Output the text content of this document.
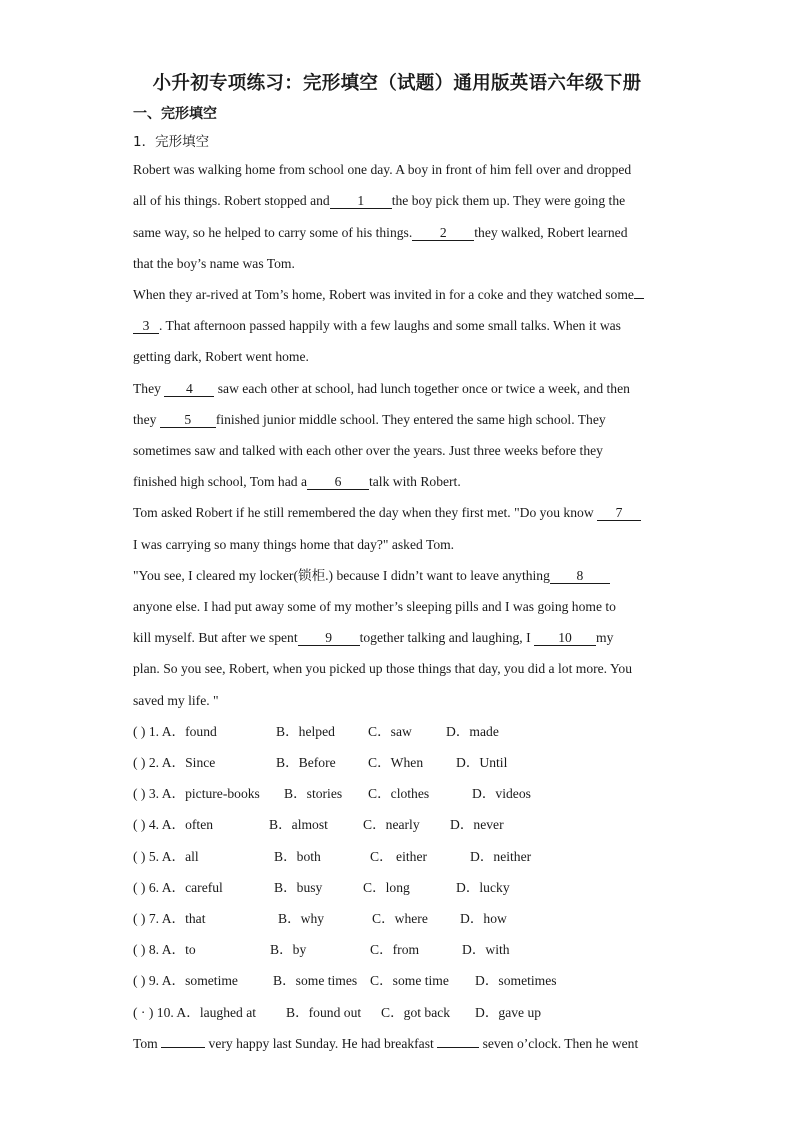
小升初专项练习：完形填空（试题）通用版英语六年级下册
一、完形填空
1．完形填空
Robert was walking home from school one day. A boy in front of him fell over and dropped
all of his things. Robert stopped and 1 the boy pick them up. They were going the
same way, so he helped to carry some of his things. 2 they walked, Robert learned
that the boy’s name was Tom.
When they ar-rived at Tom’s home, Robert was invited in for a coke and they watched some
3 . That afternoon passed happily with a few laughs and some small talks. When it was
getting dark, Robert went home.
They 4 saw each other at school, had lunch together once or twice a week, and then
they 5 finished junior middle school. They entered the same high school. They
sometimes saw and talked with each other over the years. Just three weeks before they
finished high school, Tom had a 6 talk with Robert.
Tom asked Robert if he still remembered the day when they first met. "Do you know 7
I was carrying so many things home that day?" asked Tom.
"You see, I cleared my locker(锁柜.) because I didn’t want to leave anything 8
anyone else. I had put away some of my mother’s sleeping pills and I was going home to
kill myself. But after we spent 9 together talking and laughing, I 10 my
plan. So you see, Robert, when you picked up those things that day, you did a lot more. You
saved my life. "
( ) 1. A．found	B．helped C．saw	D．made
( ) 2. A．Since	B．Before C．When D．Until
( ) 3. A．picture-books B．stories C．clothes	D．videos
( ) 4. A．often	B．almost	C．nearly D．never
( ) 5. A．all	B．both	C． either	D．neither
( ) 6. A．careful	B．busy	C．long	D．lucky
( ) 7. A．that	B．why	C．where D．how
( ) 8. A．to	B．by	C．from	D．with
( ) 9. A．sometime	B．some times C．some time D．sometimes
( · ) 10. A．laughed at B．found out C．got back D．gave up
Tom	very happy last Sunday. He had breakfast	seven o’clock. Then he went
